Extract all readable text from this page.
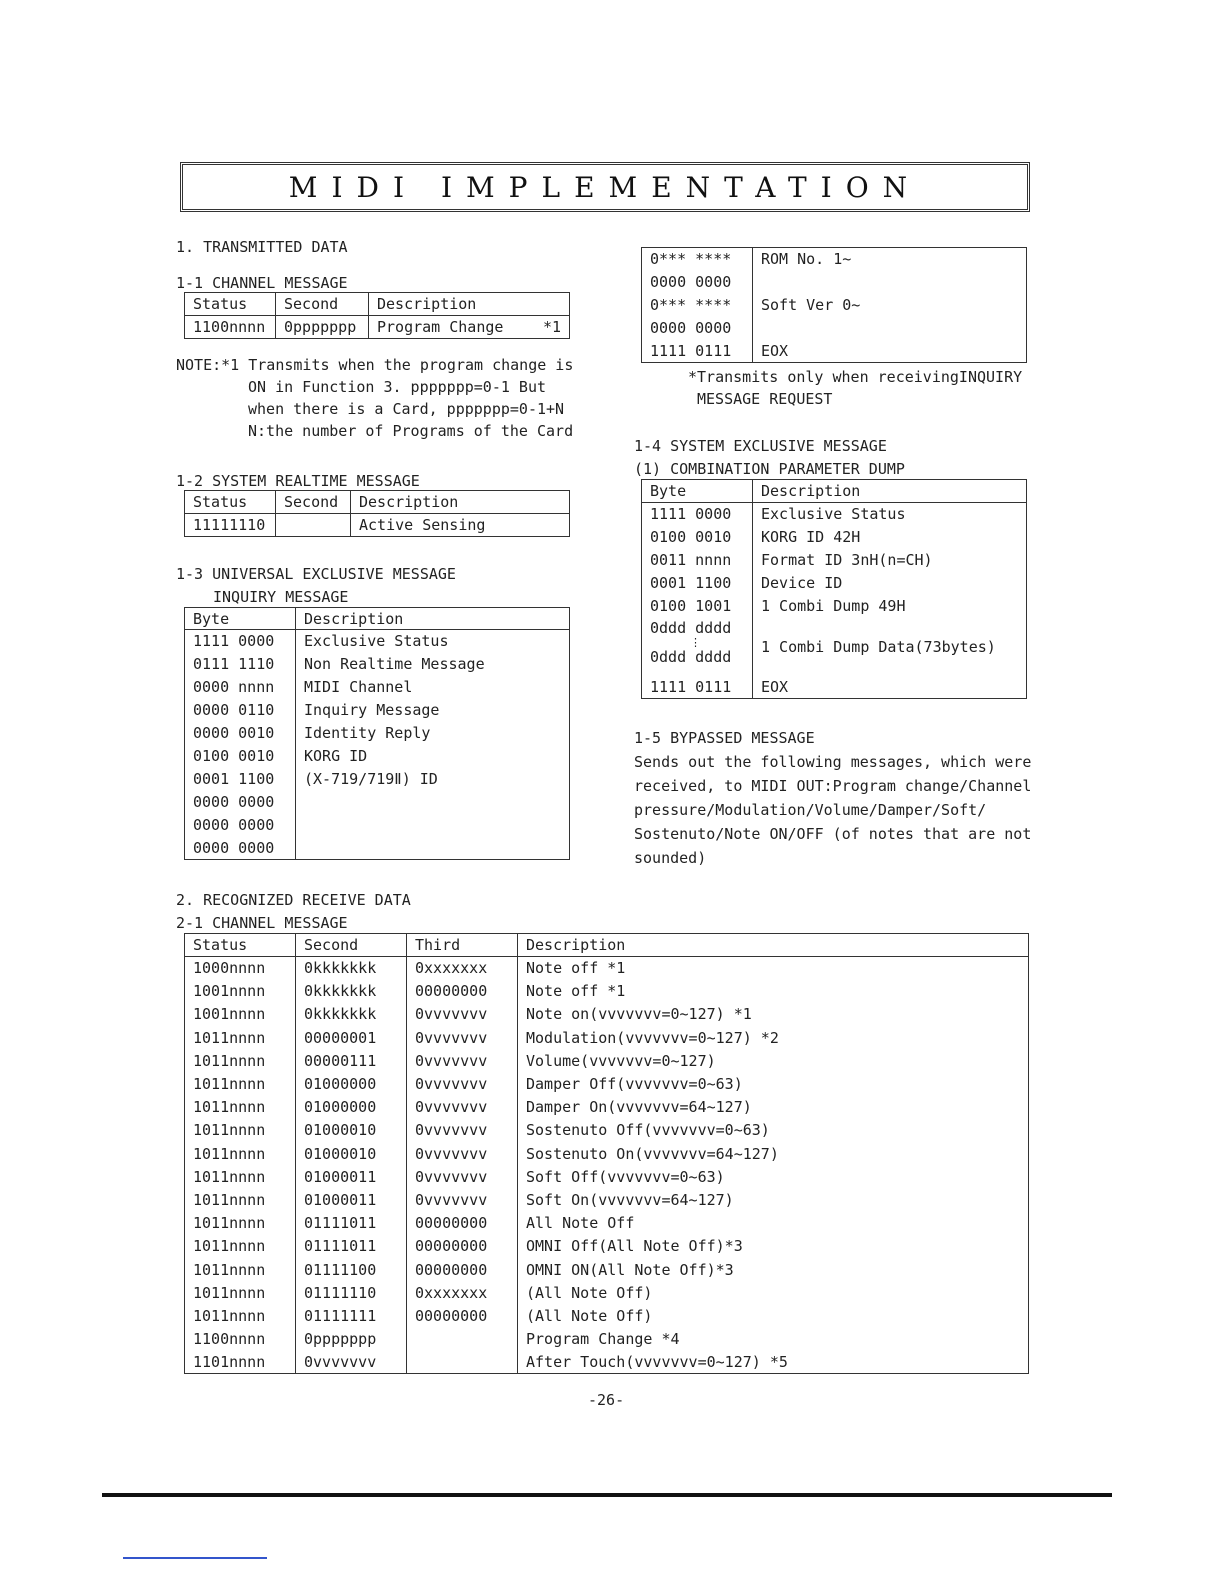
MIDI IMPLEMENTATION
1. TRANSMITTED DATA
1-1 CHANNEL MESSAGE
Status	Second	Description
1100nnnn	0ppppppp	Program Change *1
NOTE:*1 Transmits when the program change is
ON in Function 3. ppppppp=0-1 But
when there is a Card, ppppppp=0-1+N
N:the number of Programs of the Card
1-2 SYSTEM REALTIME MESSAGE
Status	Second	Description
11111110		Active Sensing
1-3 UNIVERSAL EXCLUSIVE MESSAGE
INQUIRY MESSAGE
Byte	Description
1111 0000	Exclusive Status
0111 1110	Non Realtime Message
0000 nnnn	MIDI Channel
0000 0110	Inquiry Message
0000 0010	Identity Reply
0100 0010	KORG ID
0001 1100	(X-719/719Ⅱ) ID
0000 0000	
0000 0000	
0000 0000	
0*** ****	ROM No. 1~
0000 0000	
0*** ****	Soft Ver 0~
0000 0000	
1111 0111	EOX
*Transmits only when receivingINQUIRY
MESSAGE REQUEST
1-4 SYSTEM EXCLUSIVE MESSAGE
(1) COMBINATION PARAMETER DUMP
Byte	Description
1111 0000	Exclusive Status
0100 0010	KORG ID 42H
0011 nnnn	Format ID 3nH(n=CH)
0001 1100	Device ID
0100 1001	1 Combi Dump 49H

0ddd dddd
⋮
0ddd dddd	1 Combi Dump Data(73bytes)
1111 0111	EOX
1-5 BYPASSED MESSAGE
Sends out the following messages, which were
received, to MIDI OUT:Program change/Channel
pressure/Modulation/Volume/Damper/Soft/
Sostenuto/Note ON/OFF (of notes that are not
sounded)
2. RECOGNIZED RECEIVE DATA
2-1 CHANNEL MESSAGE
Status	Second	Third	Description
1000nnnn	0kkkkkkk	0xxxxxxx	Note off *1
1001nnnn	0kkkkkkk	00000000	Note off *1
1001nnnn	0kkkkkkk	0vvvvvvv	Note on(vvvvvvv=0~127) *1
1011nnnn	00000001	0vvvvvvv	Modulation(vvvvvvv=0~127) *2
1011nnnn	00000111	0vvvvvvv	Volume(vvvvvvv=0~127)
1011nnnn	01000000	0vvvvvvv	Damper Off(vvvvvvv=0~63)
1011nnnn	01000000	0vvvvvvv	Damper On(vvvvvvv=64~127)
1011nnnn	01000010	0vvvvvvv	Sostenuto Off(vvvvvvv=0~63)
1011nnnn	01000010	0vvvvvvv	Sostenuto On(vvvvvvv=64~127)
1011nnnn	01000011	0vvvvvvv	Soft Off(vvvvvvv=0~63)
1011nnnn	01000011	0vvvvvvv	Soft On(vvvvvvv=64~127)
1011nnnn	01111011	00000000	All Note Off
1011nnnn	01111011	00000000	OMNI Off(All Note Off)*3
1011nnnn	01111100	00000000	OMNI ON(All Note Off)*3
1011nnnn	01111110	0xxxxxxx	(All Note Off)
1011nnnn	01111111	00000000	(All Note Off)
1100nnnn	0ppppppp		Program Change *4
1101nnnn	0vvvvvvv		After Touch(vvvvvvv=0~127) *5
-26-
